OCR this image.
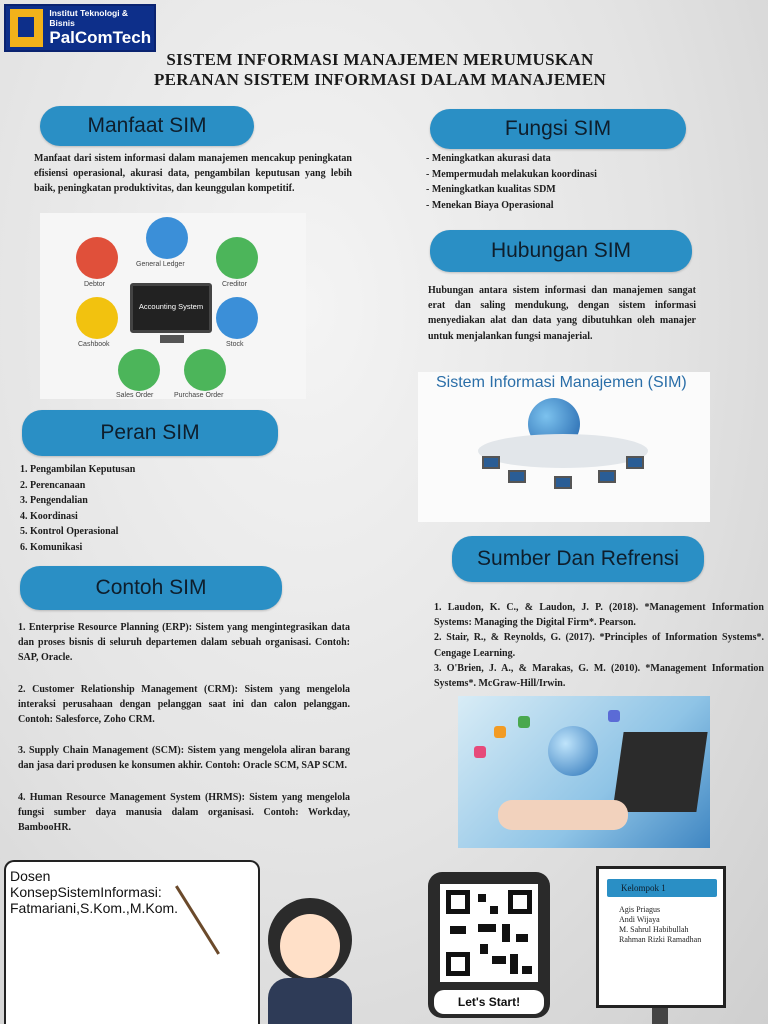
Institut Teknologi & Bisnis
PalComTech
SISTEM INFORMASI MANAJEMEN MERUMUSKAN
PERANAN SISTEM INFORMASI DALAM MANAJEMEN
Manfaat SIM

Manfaat dari sistem informasi dalam manajemen mencakup peningkatan efisiensi operasional, akurasi data, pengambilan keputusan yang lebih baik, peningkatan produktivitas, dan keunggulan kompetitif.

Accounting System
General Ledger
Creditor
Stock
Purchase Order
Sales Order
Cashbook
Debtor
Fungsi SIM
- Meningkatkan akurasi data
- Mempermudah melakukan koordinasi
- Meningkatkan kualitas SDM
- Menekan Biaya Operasional
Hubungan SIM

Hubungan antara sistem informasi dan manajemen sangat erat dan saling mendukung, dengan sistem informasi menyediakan alat dan data yang dibutuhkan oleh manajer untuk menjalankan fungsi manajerial.

Sistem Informasi Manajemen (SIM)
Peran SIM
1. Pengambilan Keputusan
2. Perencanaan
3. Pengendalian
4. Koordinasi
5. Kontrol Operasional
6. Komunikasi	Sumber Dan Refrensi

1. Laudon, K. C., & Laudon, J. P. (2018). *Management Information Systems: Managing the Digital Firm*. Pearson.

2. Stair, R., & Reynolds, G. (2017). *Principles of Information Systems*. Cengage Learning.

3. O'Brien, J. A., & Marakas, G. M. (2010). *Management Information Systems*. McGraw-Hill/Irwin.

Contoh SIM

1. Enterprise Resource Planning (ERP): Sistem yang mengintegrasikan data dan proses bisnis di seluruh departemen dalam sebuah organisasi. Contoh: SAP, Oracle.

2. Customer Relationship Management (CRM): Sistem yang mengelola interaksi perusahaan dengan pelanggan saat ini dan calon pelanggan. Contoh: Salesforce, Zoho CRM.

3. Supply Chain Management (SCM): Sistem yang mengelola aliran barang dan jasa dari produsen ke konsumen akhir. Contoh: Oracle SCM, SAP SCM.

4. Human Resource Management System (HRMS): Sistem yang mengelola fungsi sumber daya manusia dalam organisasi. Contoh: Workday, BambooHR.

Dosen
KonsepSistemInformasi:
Fatmariani,S.Kom.,M.Kom.
Let's Start!
Kelompok 1
Agis Priagus
Andi Wijaya
M. Sahrul Habibullah
Rahman Rizki Ramadhan
